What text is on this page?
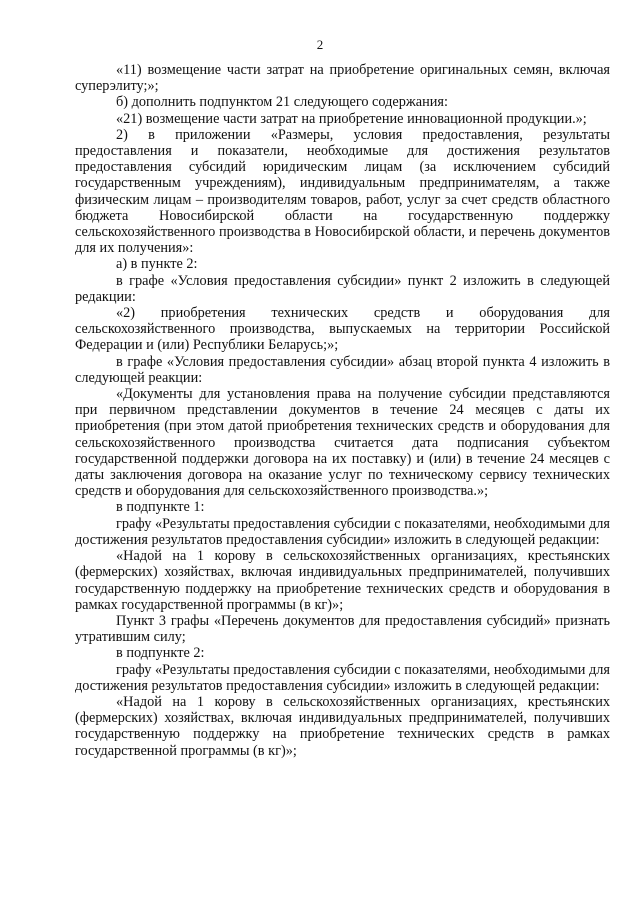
2

«11) возмещение части затрат на приобретение оригинальных семян, включая суперэлиту;»;

б) дополнить подпунктом 21 следующего содержания:

«21) возмещение части затрат на приобретение инновационной продукции.»;

2) в приложении «Размеры, условия предоставления, результаты предоставления и показатели, необходимые для достижения результатов предоставления субсидий юридическим лицам (за исключением субсидий государственным учреждениям), индивидуальным предпринимателям, а также физическим лицам – производителям товаров, работ, услуг за счет средств областного бюджета Новосибирской области на государственную поддержку сельскохозяйственного производства в Новосибирской области, и перечень документов для их получения»:

а) в пункте 2:

в графе «Условия предоставления субсидии» пункт 2 изложить в следующей редакции:

«2) приобретения технических средств и оборудования для сельскохозяйственного производства, выпускаемых на территории Российской Федерации и (или) Республики Беларусь;»;

в графе «Условия предоставления субсидии» абзац второй пункта 4 изложить в следующей реакции:

«Документы для установления права на получение субсидии представляются при первичном представлении документов в течение 24 месяцев с даты их приобретения (при этом датой приобретения технических средств и оборудования для сельскохозяйственного производства считается дата подписания субъектом государственной поддержки договора на их поставку) и (или) в течение 24 месяцев с даты заключения договора на оказание услуг по техническому сервису технических средств и оборудования для сельскохозяйственного производства.»;

в подпункте 1:

графу «Результаты предоставления субсидии с показателями, необходимыми для достижения результатов предоставления субсидии» изложить в следующей редакции:

«Надой на 1 корову в сельскохозяйственных организациях, крестьянских (фермерских) хозяйствах, включая индивидуальных предпринимателей, получивших государственную поддержку на приобретение технических средств и оборудования в рамках государственной программы (в кг)»;

Пункт 3 графы «Перечень документов для предоставления субсидий» признать утратившим силу;

в подпункте 2:

графу «Результаты предоставления субсидии с показателями, необходимыми для достижения результатов предоставления субсидии» изложить в следующей редакции:

«Надой на 1 корову в сельскохозяйственных организациях, крестьянских (фермерских) хозяйствах, включая индивидуальных предпринимателей, получивших государственную поддержку на приобретение технических средств в рамках государственной программы (в кг)»;
